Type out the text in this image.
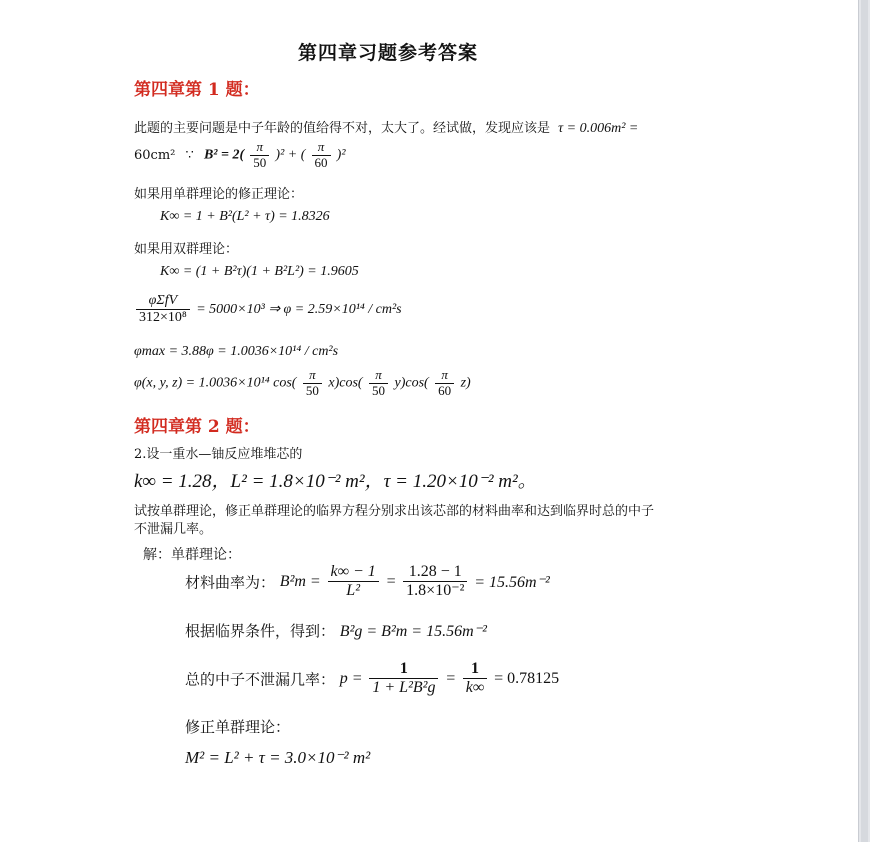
第四章习题参考答案
第四章第 1 题：
此题的主要问题是中子年龄的值给得不对，太大了。经试做，发现应该是 τ = 0.006m² =
60cm² ∵ $B^2 = 2( \frac{\pi}{50} )^2$ + ( $\frac{\pi}{60} )^2$
如果用单群理论的修正理论：
K∞ = 1 + B²(L² + τ) = 1.8326
如果用双群理论：
K∞ = (1 + B²τ)(1 + B²L²) = 1.9605
$\frac{\text{φΣfV}}{\text{312×10⁸}} = 5000\times 10^3$ ⇒ φ = 2.59×10¹⁴ / cm²s
φmax = 3.88φ = 1.0036×10¹⁴ / cm²s
φ(x, y, z) = 1.0036×10¹⁴ $\cos( \frac{\pi}{50} x)\cos( \frac{\pi}{50} y)\cos( \frac{\pi}{60} z)$
第四章第 2 题：
2.设一重水—铀反应堆堆芯的
k∞ = 1.28，L² = 1.8×10⁻² m²，τ = 1.20×10⁻² m²。
试按单群理论，修正单群理论的临界方程分别求出该芯部的材料曲率和达到临界时总的中子
不泄漏几率。
解：单群理论：
材料曲率为： $B^2m = \frac{k\infty - 1}{\text{L²}} = \frac{1.28 - 1}{\text{1.8×10⁻²}} = 15.56m^{-2}$
根据临界条件，得到： B²g = B²m = 15.56m⁻²
总的中子不泄漏几率： $p = \frac{1}{\text{1 + L²B²g}} = \frac{1}{k\infty} = 0.78125$
修正单群理论：
M² = L² + τ = 3.0×10⁻² m²
